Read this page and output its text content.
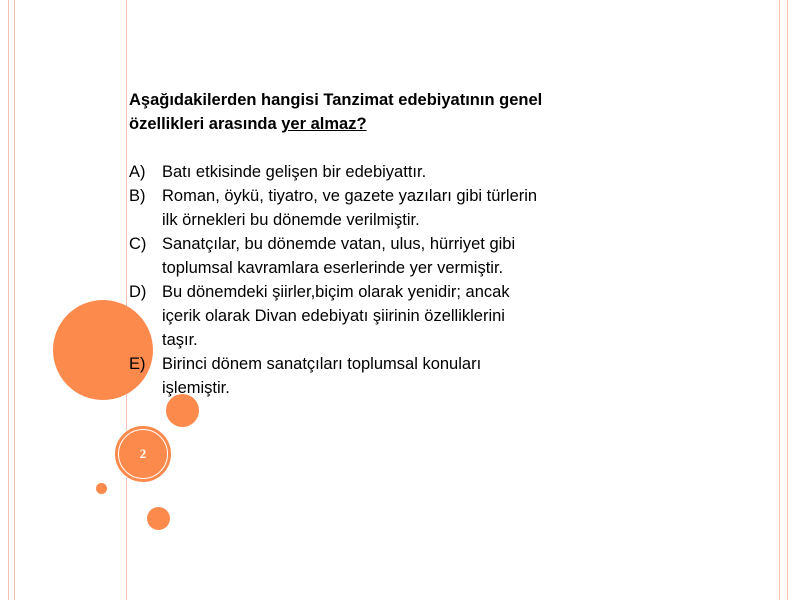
2

Aşağıdakilerden hangisi Tanzimat edebiyatının genel
özellikleri arasında yer almaz?

A) Batı etkisinde gelişen bir edebiyattır.
B) Roman, öykü, tiyatro, ve gazete yazıları gibi türlerin
ilk örnekleri bu dönemde verilmiştir.
C) Sanatçılar, bu dönemde vatan, ulus, hürriyet gibi
toplumsal kavramlara eserlerinde yer vermiştir.
D) Bu dönemdeki şiirler,biçim olarak yenidir; ancak
içerik olarak Divan edebiyatı şiirinin özelliklerini
taşır.
E) Birinci dönem sanatçıları toplumsal konuları
işlemiştir.
